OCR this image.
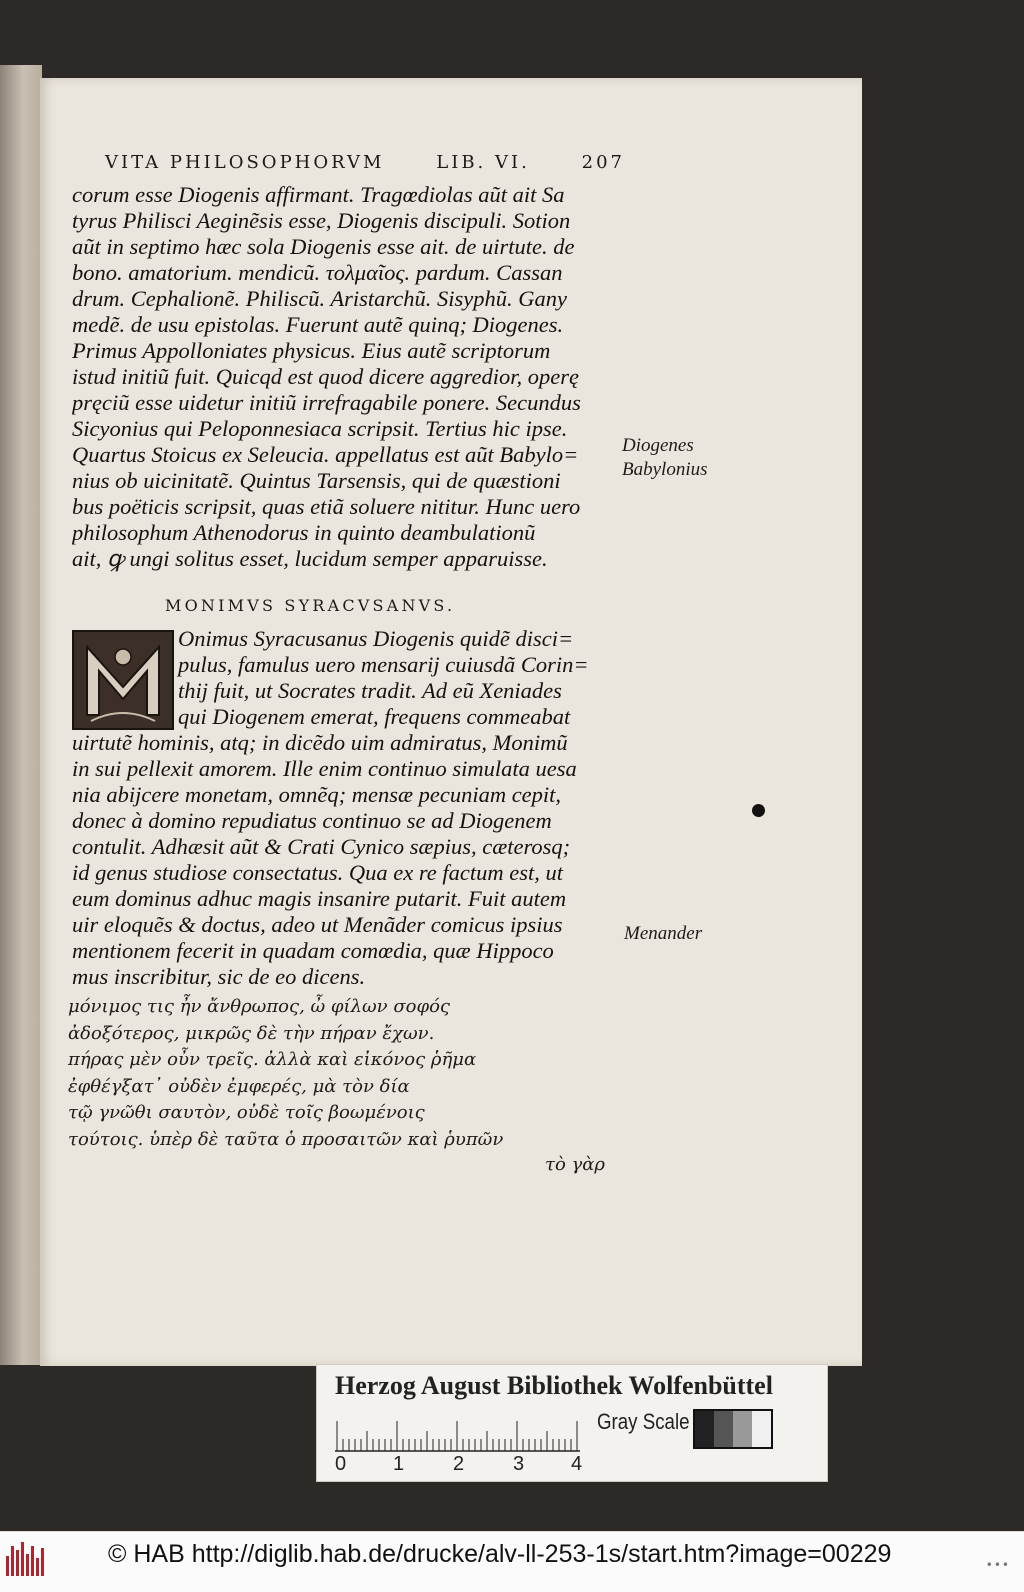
VITA PHILOSOPHORVM	LIB. VI.	207
corum esse Diogenis affirmant. Tragœdiolas aũt ait Sa
tyrus Philisci Aeginẽsis esse, Diogenis discipuli. Sotion
aũt in septimo hæc sola Diogenis esse ait. de uirtute. de
bono. amatorium. mendicũ. τολμαῖος. pardum. Cassan
drum. Cephalionẽ. Philiscũ. Aristarchũ. Sisyphũ. Gany
medẽ. de usu epistolas. Fuerunt autẽ quinq; Diogenes.
Primus Appolloniates physicus. Eius autẽ scriptorum
istud initiũ fuit. Quicqd est quod dicere aggredior, operę
pręciũ esse uidetur initiũ irrefragabile ponere. Secundus
Sicyonius qui Peloponnesiaca scripsit. Tertius hic ipse.
Quartus Stoicus ex Seleucia. appellatus est aũt Babylo=
nius ob uicinitatẽ. Quintus Tarsensis, qui de quæstioni
bus poëticis scripsit, quas etiã soluere nititur. Hunc uero
philosophum Athenodorus in quinto deambulationũ
ait, ꝙ ungi solitus esset, lucidum semper apparuisse.
Diogenes
Babylonius
MONIMVS SYRACVSANVS.
Onimus Syracusanus Diogenis quidẽ disci=
pulus, famulus uero mensarij cuiusdã Corin=
thij fuit, ut Socrates tradit. Ad eũ Xeniades
qui Diogenem emerat, frequens commeabat
uirtutẽ hominis, atq; in dicẽdo uim admiratus, Monimũ
in sui pellexit amorem. Ille enim continuo simulata uesa
nia abijcere monetam, omnẽq; mensæ pecuniam cepit,
donec à domino repudiatus continuo se ad Diogenem
contulit. Adhæsit aũt & Crati Cynico sæpius, cæterosq;
id genus studiose consectatus. Qua ex re factum est, ut
eum dominus adhuc magis insanire putarit. Fuit autem
uir eloquẽs & doctus, adeo ut Menãder comicus ipsius
mentionem fecerit in quadam comœdia, quæ Hippoco
mus inscribitur, sic de eo dicens.
Menander
μόνιμος τις ἦν ἄνθρωπος, ὦ φίλων σοφός
ἀδοξότερος, μικρῶς δὲ τὴν πήραν ἔχων.
πήρας μὲν οὖν τρεῖς. ἀλλὰ καὶ εἰκόνος ῥῆμα
ἐφθέγξατ᾽ οὐδὲν ἐμφερές, μὰ τὸν δία
τῷ γνῶθι σαυτὸν, οὐδὲ τοῖς βοωμένοις
τούτοις. ὑπὲρ δὲ ταῦτα ὁ προσαιτῶν καὶ ῥυπῶν
τὸ γὰρ
Herzog August Bibliothek Wolfenbüttel
0 1 2 3 4
Gray Scale
© HAB http://diglib.hab.de/drucke/alv-ll-253-1s/start.htm?image=00229	•••
